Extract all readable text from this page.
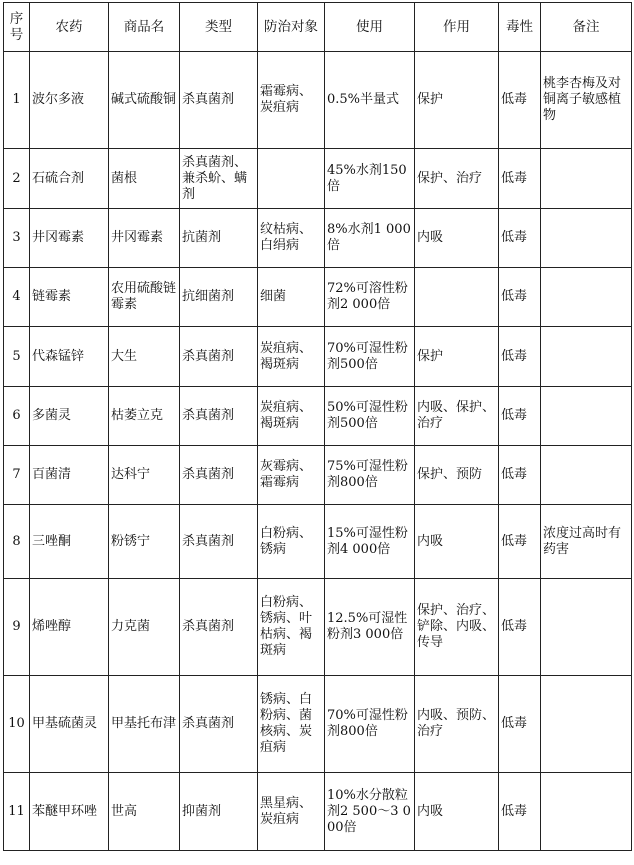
序号	农药	商品名	类型	防治对象	使用	作用	毒性	备注
1	波尔多液	碱式硫酸铜	杀真菌剂	霜霉病、炭疽病	0.5%半量式	保护	低毒	桃李杏梅及对铜离子敏感植物
2	石硫合剂	菌根	杀真菌剂、兼杀蚧、螨剂		45%水剂150倍	保护、治疗	低毒	
3	井冈霉素	井冈霉素	抗菌剂	纹枯病、白绢病	8%水剂1 000倍	内吸	低毒	
4	链霉素	农用硫酸链霉素	抗细菌剂	细菌	72%可溶性粉剂2 000倍		低毒	
5	代森锰锌	大生	杀真菌剂	炭疽病、褐斑病	70%可湿性粉剂500倍	保护	低毒	
6	多菌灵	枯萎立克	杀真菌剂	炭疽病、褐斑病	50%可湿性粉剂500倍	内吸、保护、治疗	低毒	
7	百菌清	达科宁	杀真菌剂	灰霉病、霜霉病	75%可湿性粉剂800倍	保护、预防	低毒	
8	三唑酮	粉锈宁	杀真菌剂	白粉病、锈病	15%可湿性粉剂4 000倍	内吸	低毒	浓度过高时有药害
9	烯唑醇	力克菌	杀真菌剂	白粉病、锈病、叶枯病、褐斑病	12.5%可湿性粉剂3 000倍	保护、治疗、铲除、内吸、传导	低毒	
10	甲基硫菌灵	甲基托布津	杀真菌剂	锈病、白粉病、菌核病、炭疽病	70%可湿性粉剂800倍	内吸、预防、治疗	低毒	
11	苯醚甲环唑	世高	抑菌剂	黑星病、炭疽病	10%水分散粒剂2 500～3 000倍	内吸	低毒	
